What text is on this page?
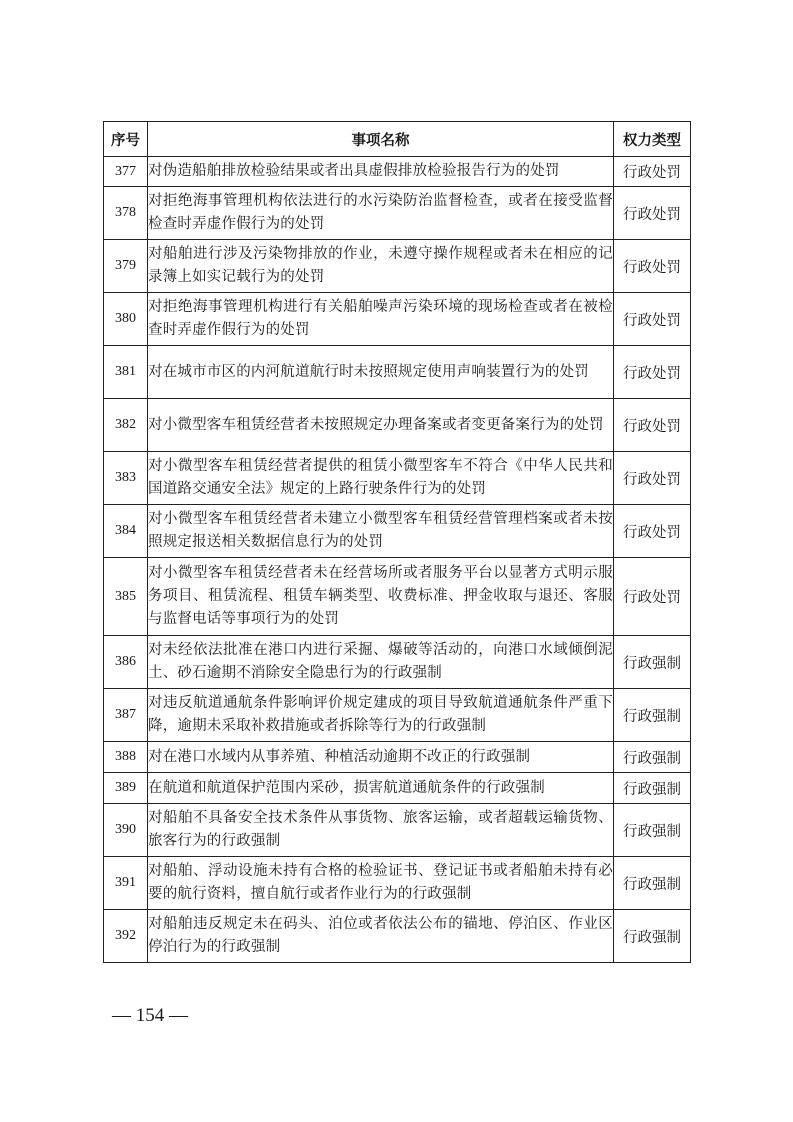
序号	事项名称	权力类型
377	对伪造船舶排放检验结果或者出具虚假排放检验报告行为的处罚	行政处罚
378	对拒绝海事管理机构依法进行的水污染防治监督检查，或者在接受监督检查时弄虚作假行为的处罚	行政处罚
379	对船舶进行涉及污染物排放的作业，未遵守操作规程或者未在相应的记录簿上如实记载行为的处罚	行政处罚
380	对拒绝海事管理机构进行有关船舶噪声污染环境的现场检查或者在被检查时弄虚作假行为的处罚	行政处罚
381	对在城市市区的内河航道航行时未按照规定使用声响装置行为的处罚	行政处罚
382	对小微型客车租赁经营者未按照规定办理备案或者变更备案行为的处罚	行政处罚
383	对小微型客车租赁经营者提供的租赁小微型客车不符合《中华人民共和国道路交通安全法》规定的上路行驶条件行为的处罚	行政处罚
384	对小微型客车租赁经营者未建立小微型客车租赁经营管理档案或者未按照规定报送相关数据信息行为的处罚	行政处罚
385	对小微型客车租赁经营者未在经营场所或者服务平台以显著方式明示服务项目、租赁流程、租赁车辆类型、收费标准、押金收取与退还、客服与监督电话等事项行为的处罚	行政处罚
386	对未经依法批准在港口内进行采掘、爆破等活动的，向港口水域倾倒泥土、砂石逾期不消除安全隐患行为的行政强制	行政强制
387	对违反航道通航条件影响评价规定建成的项目导致航道通航条件严重下降，逾期未采取补救措施或者拆除等行为的行政强制	行政强制
388	对在港口水域内从事养殖、种植活动逾期不改正的行政强制	行政强制
389	在航道和航道保护范围内采砂，损害航道通航条件的行政强制	行政强制
390	对船舶不具备安全技术条件从事货物、旅客运输，或者超载运输货物、旅客行为的行政强制	行政强制
391	对船舶、浮动设施未持有合格的检验证书、登记证书或者船舶未持有必要的航行资料，擅自航行或者作业行为的行政强制	行政强制
392	对船舶违反规定未在码头、泊位或者依法公布的锚地、停泊区、作业区停泊行为的行政强制	行政强制
— 154 —
